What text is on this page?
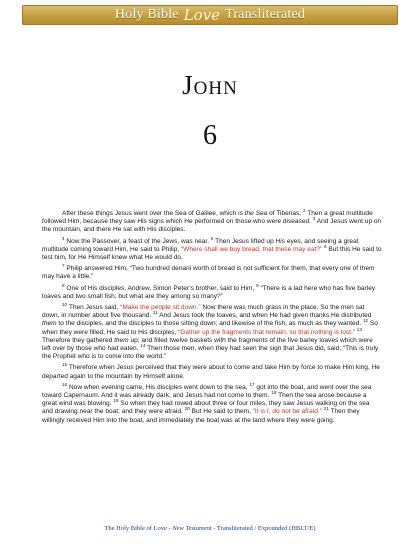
Holy Bible Love Transliterated
John
6

After these things Jesus went over the Sea of Galilee, which is the Sea of Tiberias. $^2$ Then a great multitude followed Him, because they saw His signs which He performed on those who were diseased. $^3$ And Jesus went up on the mountain, and there He sat with His disciples.

$^4$ Now the Passover, a feast of the Jews, was near. $^5$ Then Jesus lifted up His eyes, and seeing a great multitude coming toward Him, He said to Philip, “Where shall we buy bread, that these may eat?” $^6$ But this He said to test him, for He Himself knew what He would do.

$^7$ Philip answered Him, “Two hundred denarii worth of bread is not sufficient for them, that every one of them may have a little.”

$^8$ One of His disciples, Andrew, Simon Peter’s brother, said to Him, $^9$ “There is a lad here who has five barley loaves and two small fish, but what are they among so many?”

$^{10}$ Then Jesus said, “Make the people sit down.” Now there was much grass in the place. So the men sat down, in number about five thousand. $^{11}$ And Jesus took the loaves, and when He had given thanks He distributed them to the disciples, and the disciples to those sitting down; and likewise of the fish, as much as they wanted. $^{12}$ So when they were filled, He said to His disciples, “Gather up the fragments that remain, so that nothing is lost.” $^{13}$ Therefore they gathered them up, and filled twelve baskets with the fragments of the five barley loaves which were left over by those who had eaten. $^{14}$ Then those men, when they had seen the sign that Jesus did, said, “This is truly the Prophet who is to come into the world.”

$^{15}$ Therefore when Jesus perceived that they were about to come and take Him by force to make Him king, He departed again to the mountain by Himself alone.

$^{16}$ Now when evening came, His disciples went down to the sea, $^{17}$ got into the boat, and went over the sea toward Capernaum. And it was already dark, and Jesus had not come to them. $^{18}$ Then the sea arose because a great wind was blowing. $^{19}$ So when they had rowed about three or four miles, they saw Jesus walking on the sea and drawing near the boat; and they were afraid. $^{20}$ But He said to them, “It is I; do not be afraid.” $^{21}$ Then they willingly received Him into the boat, and immediately the boat was at the land where they were going.

The Holy Bible of Love - New Testament - Transliterated / Expounded (HBLT/E)
